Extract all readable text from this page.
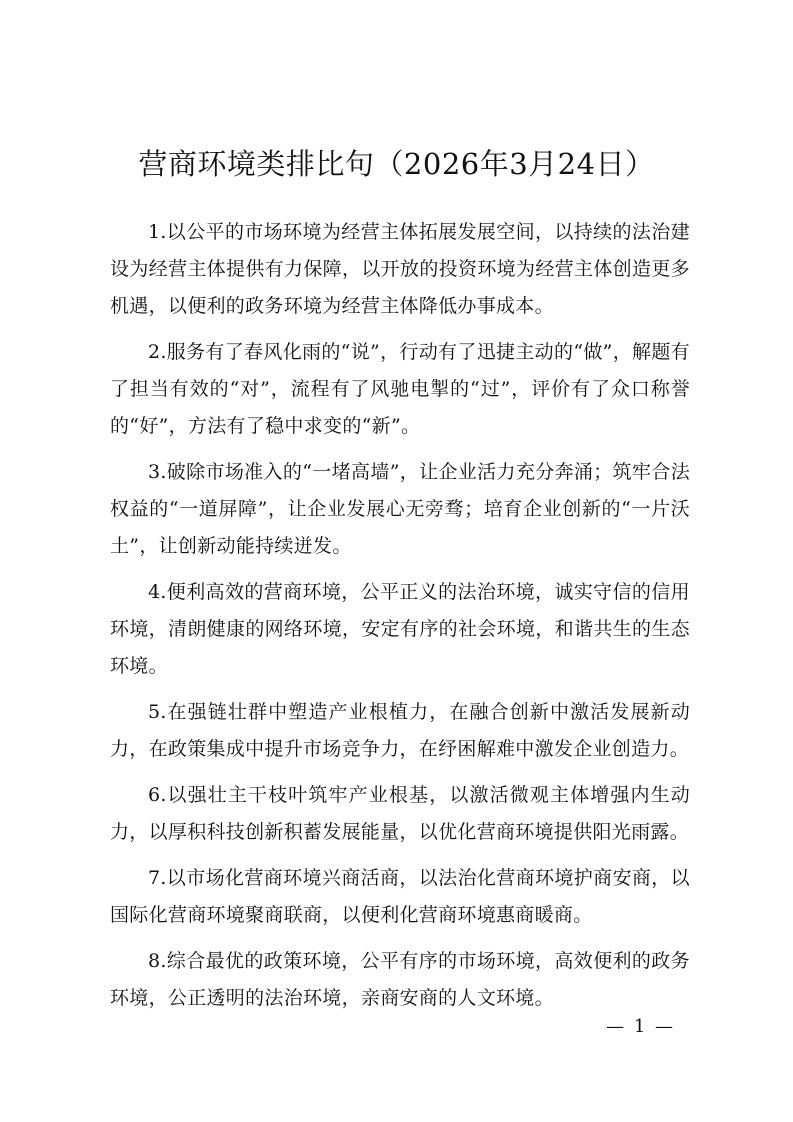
营商环境类排比句（2026年3月24日）

1.以公平的市场环境为经营主体拓展发展空间，以持续的法治建设为经营主体提供有力保障，以开放的投资环境为经营主体创造更多机遇，以便利的政务环境为经营主体降低办事成本。

2.服务有了春风化雨的“说”，行动有了迅捷主动的“做”，解题有了担当有效的“对”，流程有了风驰电掣的“过”，评价有了众口称誉的“好”，方法有了稳中求变的“新”。

3.破除市场准入的“一堵高墙”，让企业活力充分奔涌；筑牢合法权益的“一道屏障”，让企业发展心无旁骛；培育企业创新的“一片沃土”，让创新动能持续迸发。

4.便利高效的营商环境，公平正义的法治环境，诚实守信的信用环境，清朗健康的网络环境，安定有序的社会环境，和谐共生的生态环境。

5.在强链壮群中塑造产业根植力，在融合创新中激活发展新动力，在政策集成中提升市场竞争力，在纾困解难中激发企业创造力。

6.以强壮主干枝叶筑牢产业根基，以激活微观主体增强内生动力，以厚积科技创新积蓄发展能量，以优化营商环境提供阳光雨露。

7.以市场化营商环境兴商活商，以法治化营商环境护商安商，以国际化营商环境聚商联商，以便利化营商环境惠商暖商。

8.综合最优的政策环境，公平有序的市场环境，高效便利的政务环境，公正透明的法治环境，亲商安商的人文环境。

— 1 —
